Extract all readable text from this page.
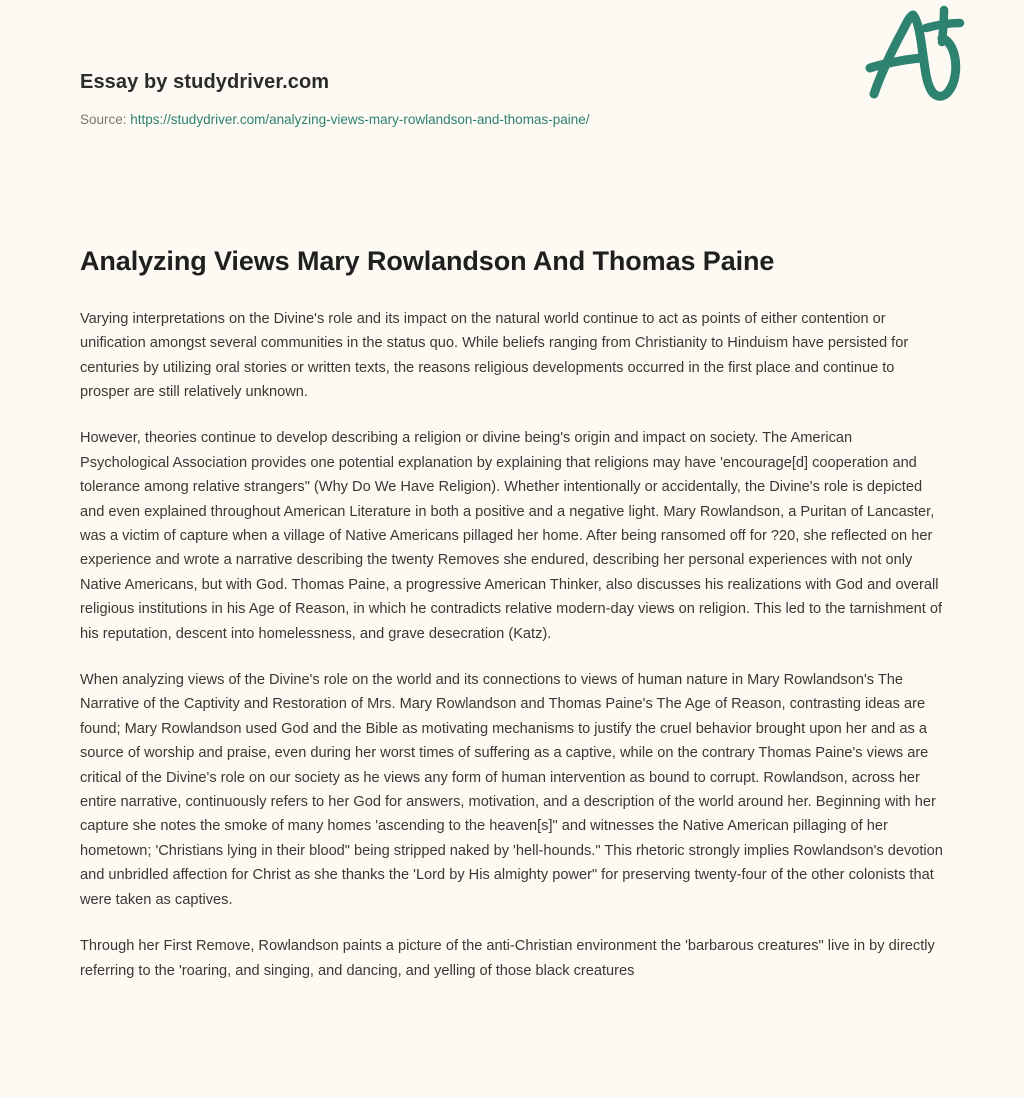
Essay by studydriver.com
Source: https://studydriver.com/analyzing-views-mary-rowlandson-and-thomas-paine/
Analyzing Views Mary Rowlandson And Thomas Paine

Varying interpretations on the Divine's role and its impact on the natural world continue to act as points of either contention or unification amongst several communities in the status quo. While beliefs ranging from Christianity to Hinduism have persisted for centuries by utilizing oral stories or written texts, the reasons religious developments occurred in the first place and continue to prosper are still relatively unknown.

However, theories continue to develop describing a religion or divine being's origin and impact on society. The American Psychological Association provides one potential explanation by explaining that religions may have 'encourage[d] cooperation and tolerance among relative strangers" (Why Do We Have Religion). Whether intentionally or accidentally, the Divine's role is depicted and even explained throughout American Literature in both a positive and a negative light. Mary Rowlandson, a Puritan of Lancaster, was a victim of capture when a village of Native Americans pillaged her home. After being ransomed off for ?20, she reflected on her experience and wrote a narrative describing the twenty Removes she endured, describing her personal experiences with not only Native Americans, but with God. Thomas Paine, a progressive American Thinker, also discusses his realizations with God and overall religious institutions in his Age of Reason, in which he contradicts relative modern-day views on religion. This led to the tarnishment of his reputation, descent into homelessness, and grave desecration (Katz).

When analyzing views of the Divine's role on the world and its connections to views of human nature in Mary Rowlandson's The Narrative of the Captivity and Restoration of Mrs. Mary Rowlandson and Thomas Paine's The Age of Reason, contrasting ideas are found; Mary Rowlandson used God and the Bible as motivating mechanisms to justify the cruel behavior brought upon her and as a source of worship and praise, even during her worst times of suffering as a captive, while on the contrary Thomas Paine's views are critical of the Divine's role on our society as he views any form of human intervention as bound to corrupt. Rowlandson, across her entire narrative, continuously refers to her God for answers, motivation, and a description of the world around her. Beginning with her capture she notes the smoke of many homes 'ascending to the heaven[s]" and witnesses the Native American pillaging of her hometown; 'Christians lying in their blood" being stripped naked by 'hell-hounds." This rhetoric strongly implies Rowlandson's devotion and unbridled affection for Christ as she thanks the 'Lord by His almighty power" for preserving twenty-four of the other colonists that were taken as captives.

Through her First Remove, Rowlandson paints a picture of the anti-Christian environment the 'barbarous creatures" live in by directly referring to the 'roaring, and singing, and dancing, and yelling of those black creatures
